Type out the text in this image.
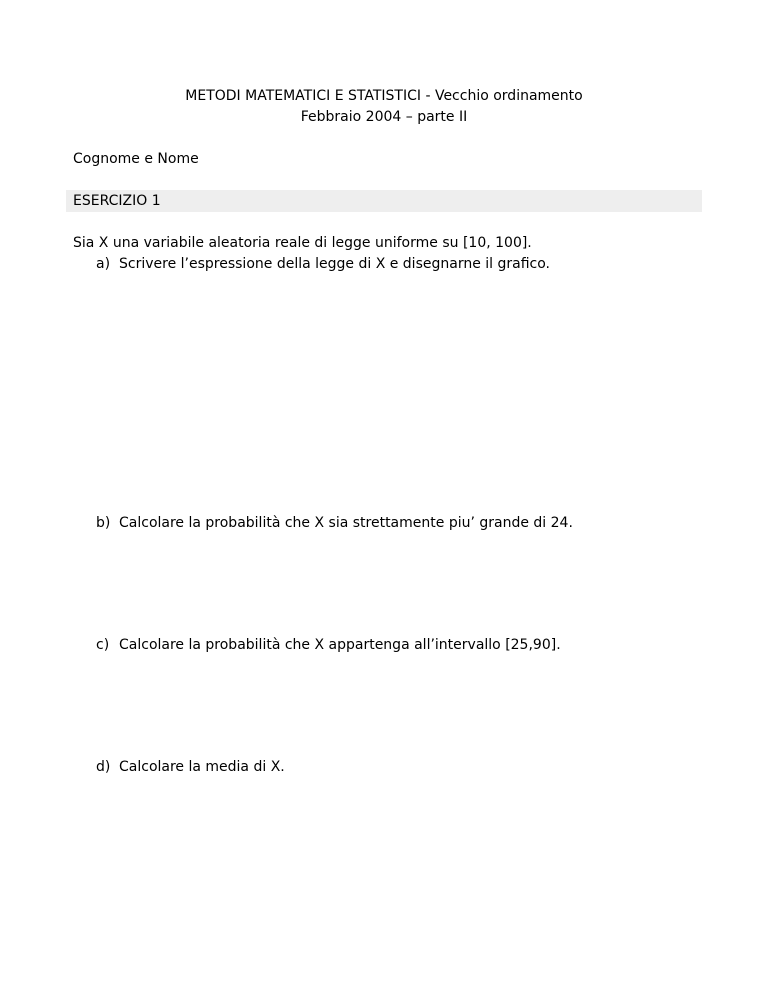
METODI MATEMATICI E STATISTICI - Vecchio ordinamento
Febbraio 2004 – parte II
Cognome e Nome
ESERCIZIO 1
Sia X una variabile aleatoria reale di legge uniforme su [10, 100].
a) Scrivere l’espressione della legge di X e disegnarne il grafico.
b) Calcolare la probabilità che X sia strettamente piu’ grande di 24.
c) Calcolare la probabilità che X appartenga all’intervallo [25,90].
d) Calcolare la media di X.
